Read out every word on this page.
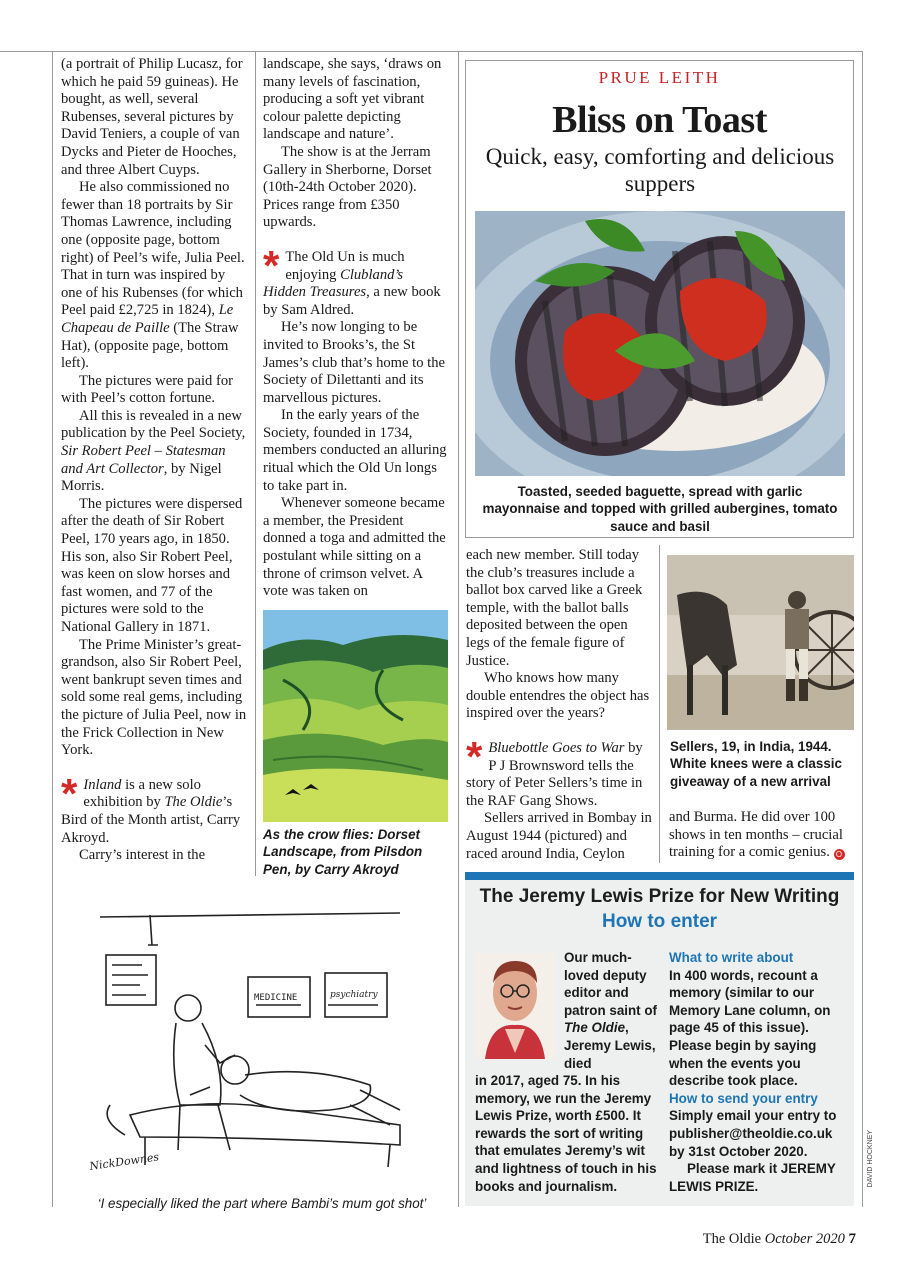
(a portrait of Philip Lucasz, for which he paid 59 guineas). He bought, as well, several Rubenses, several pictures by David Teniers, a couple of van Dycks and Pieter de Hooches, and three Albert Cuyps.

He also commissioned no fewer than 18 portraits by Sir Thomas Lawrence, including one (opposite page, bottom right) of Peel’s wife, Julia Peel. That in turn was inspired by one of his Rubenses (for which Peel paid £2,725 in 1824), Le Chapeau de Paille (The Straw Hat), (opposite page, bottom left).

The pictures were paid for with Peel’s cotton fortune.

All this is revealed in a new publication by the Peel Society, Sir Robert Peel – Statesman and Art Collector, by Nigel Morris.

The pictures were dispersed after the death of Sir Robert Peel, 170 years ago, in 1850. His son, also Sir Robert Peel, was keen on slow horses and fast women, and 77 of the pictures were sold to the National Gallery in 1871.

The Prime Minister’s great-grandson, also Sir Robert Peel, went bankrupt seven times and sold some real gems, including the picture of Julia Peel, now in the Frick Collection in New York.

* Inland is a new solo exhibition by The Oldie’s Bird of the Month artist, Carry Akroyd.

Carry’s interest in the

landscape, she says, ‘draws on many levels of fascination, producing a soft yet vibrant colour palette depicting landscape and nature’.

The show is at the Jerram Gallery in Sherborne, Dorset (10th-24th October 2020). Prices range from £350 upwards.

* The Old Un is much enjoying Clubland’s Hidden Treasures, a new book by Sam Aldred.

He’s now longing to be invited to Brooks’s, the St James’s club that’s home to the Society of Dilettanti and its marvellous pictures.

In the early years of the Society, founded in 1734, members conducted an alluring ritual which the Old Un longs to take part in.

Whenever someone became a member, the President donned a toga and admitted the postulant while sitting on a throne of crimson velvet. A vote was taken on

As the crow flies: Dorset Landscape, from Pilsdon Pen, by Carry Akroyd
PRUE LEITH
Bliss on Toast
Quick, easy, comforting and delicious suppers
Toasted, seeded baguette, spread with garlic mayonnaise and topped with grilled aubergines, tomato sauce and basil

each new member. Still today the club’s treasures include a ballot box carved like a Greek temple, with the ballot balls deposited between the open legs of the female figure of Justice.

Who knows how many double entendres the object has inspired over the years?

* Bluebottle Goes to War by P J Brownsword tells the story of Peter Sellers’s time in the RAF Gang Shows.

Sellers arrived in Bombay in August 1944 (pictured) and raced around India, Ceylon

Sellers, 19, in India, 1944. White knees were a classic giveaway of a new arrival

and Burma. He did over 100 shows in ten months – crucial training for a comic genius. O

The Jeremy Lewis Prize for New Writing
How to enter
Our much-loved deputy editor and patron saint of The Oldie, Jeremy Lewis, died
in 2017, aged 75. In his memory, we run the Jeremy Lewis Prize, worth £500. It rewards the sort of writing that emulates Jeremy’s wit and lightness of touch in his books and journalism.
What to write about
In 400 words, recount a memory (similar to our Memory Lane column, on page 45 of this issue). Please begin by saying when the events you describe took place.
How to send your entry
Simply email your entry to publisher@theoldie.co.uk by 31st October 2020.
Please mark it JEREMY LEWIS PRIZE.
MEDICINE	psychiatry
NickDownes
‘I especially liked the part where Bambi’s mum got shot’
DAVID HOCKNEY
The Oldie October 2020 7
